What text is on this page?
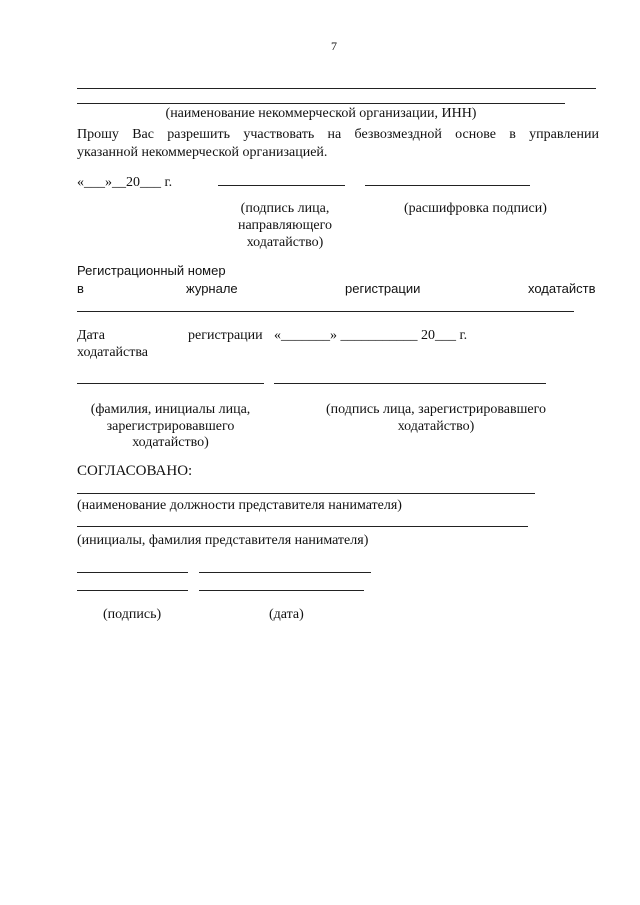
7
(наименование некоммерческой организации, ИНН)
Прошу Вас разрешить участвовать на безвозмездной основе в управлении
указанной некоммерческой организацией.
«___»__20___ г.
(подпись лица,
направляющего
ходатайство)
(расшифровка подписи)
Регистрационный номер
в	журнале	регистрации	ходатайств
Дата	регистрации «_______» ___________ 20___ г.
ходатайства
(фамилия, инициалы лица,
зарегистрировавшего
ходатайство)
(подпись лица, зарегистрировавшего
ходатайство)
СОГЛАСОВАНО:
(наименование должности представителя нанимателя)
(инициалы, фамилия представителя нанимателя)
(подпись)	(дата)
